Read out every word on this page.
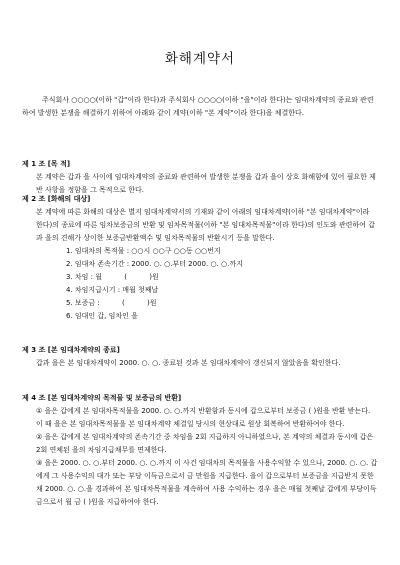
화해계약서
주식회사 ○○○○(이하 "갑"이라 한다)과 주식회사 ○○○○(이하 "을"이라 한다)는 임대차계약의 종료와 관련하여 발생한 분쟁을 해결하기 위하여 아래와 같이 계약(이하 "본 계약"이라 한다)을 체결한다.
제 1 조 [목 적]
본 계약은 갑과 을 사이에 임대차계약의 종료와 관련하여 발생한 분쟁을 갑과 을이 상호 화해함에 있어 필요한 제반 사항을 정함을 그 목적으로 한다.
제 2 조 [화해의 대상]
본 계약에 따른 화해의 대상은 별지 임대차계약서의 기재와 같이 아래의 임대차계약(이하 "본 임대차계약"이라 한다)의 종료에 따른 임차보증금의 반환 및 임차목적물(이하 "본 임대차목적물"이라 한다)의 인도와 관련하여 갑과 을의 견해가 상이한 보증금반환액수 및 임차목적물의 반환시기 등을 말한다.
1. 임대차의 목적물 : ○○시 ○○구 ○○동 ○○번지
2. 임대차 존속기간 : 2000. ○. ○.부터 2000. ○. ○.까지
3. 차임 : 월          (          )원
4. 차임지급시기 : 매월 첫째날
5. 보증금 :          (          )원
6. 임대인 갑, 임차인 을
제 3 조 [본 임대차계약의 종료]
갑과 을은 본 임대차계약이 2000. ○. ○. 종료된 것과 본 임대차계약이 갱신되지 않았음을 확인한다.
제 4 조 [본 임대차계약의 목적물 및 보증금의 반환]
① 을은 갑에게 본 임대차목적물을 2000. ○. ○.까지 반환함과 동시에 갑으로부터 보증금 ( )원을 반환 받는다. 이 때 을은 본 임대차목적물을 본 임대차계약 체결일 당시의 현상대로 원상 회복하여 반환하여야 한다.
② 을은 갑에게 본 임대차계약의 존속기간 중 차임을 2회 지급하지 아니하였으나, 본 계약의 체결과 동시에 갑은 2회 연체된 을의 차임지급채무를 면제한다.
③ 을은 2000. ○. ○.부터 2000. ○. ○.까지 이 사건 임대차의 목적물을 사용수익할 수 있으나, 2000. ○. ○. 갑에게 그 사용수익의 대가 또는 부당 이득금으로서 금 만원을 지급한다. 을이 갑으로부터 보증금을 지급받지 못한 채 2000. ○. ○.을 경과하여 본 임대차목적물을 계속하여 사용 수익하는 경우 을은 매월 첫째날 갑에게 부당이득금으로서 월 금 ( )원을 지급하여야 한다.
